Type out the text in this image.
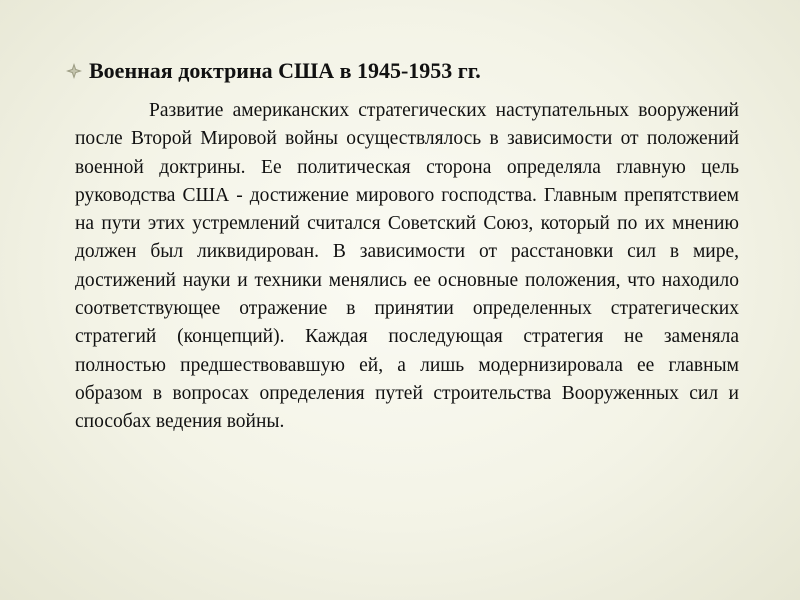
Военная доктрина США в 1945-1953 гг.

Развитие американских стратегических наступательных вооружений после Второй Мировой войны осуществлялось в зависимости от положений военной доктрины. Ее политическая сторона определяла главную цель руководства США - достижение мирового господства. Главным препятствием на пути этих устремлений считался Советский Союз, который по их мнению должен был ликвидирован. В зависимости от расстановки сил в мире, достижений науки и техники менялись ее основные положения, что находило соответствующее отражение в принятии определенных стратегических стратегий (концепций). Каждая последующая стратегия не заменяла полностью предшествовавшую ей, а лишь модернизировала ее главным образом в вопросах определения путей строительства Вооруженных сил и способах ведения войны.
